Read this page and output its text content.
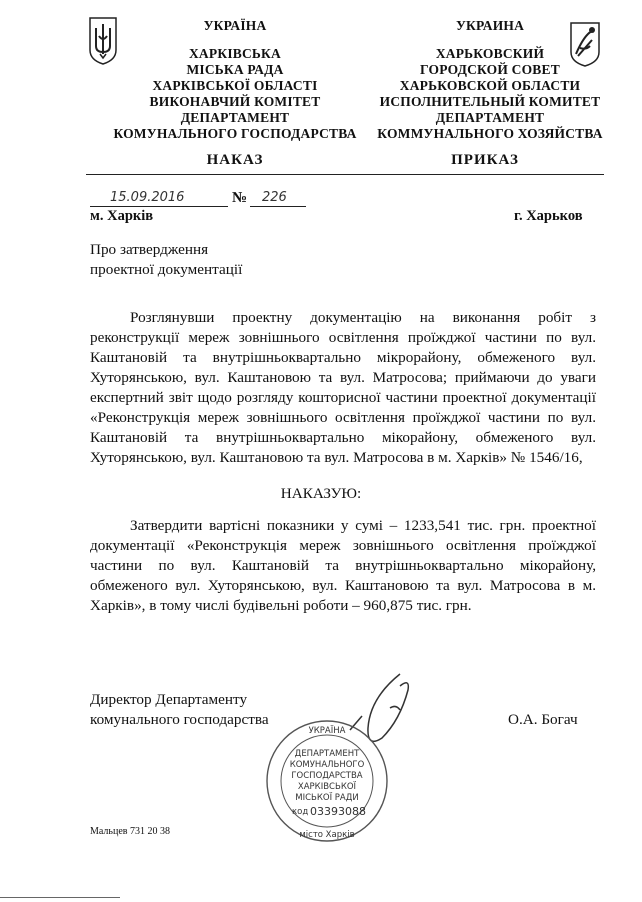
УКРАЇНА
ХАРКІВСЬКА
МІСЬКА РАДА
ХАРКІВСЬКОЇ ОБЛАСТІ
ВИКОНАВЧИЙ КОМІТЕТ
ДЕПАРТАМЕНТ
КОМУНАЛЬНОГО ГОСПОДАРСТВА
УКРАИНА
ХАРЬКОВСКИЙ
ГОРОДСКОЙ СОВЕТ
ХАРЬКОВСКОЙ ОБЛАСТИ
ИСПОЛНИТЕЛЬНЫЙ КОМИТЕТ
ДЕПАРТАМЕНТ
КОММУНАЛЬНОГО ХОЗЯЙСТВА
НАКАЗ	ПРИКАЗ
15.09.2016	№ 226
м. Харків	г. Харьков
Про затвердження
проектної документації
Розглянувши проектну документацію на виконання робіт з реконструкції мереж зовнішнього освітлення проїжджої частини по вул. Каштановій та внутрішньоквартально мікрорайону, обмеженого вул. Хуторянською, вул. Каштановою та вул. Матросова; приймаючи до уваги експертний звіт щодо розгляду кошторисної частини проектної документації «Реконструкція мереж зовнішнього освітлення проїжджої частини по вул. Каштановій та внутрішньоквартально мікорайону, обмеженого вул. Хуторянською, вул. Каштановою та вул. Матросова в м. Харків» № 1546/16,
НАКАЗУЮ:
Затвердити вартісні показники у сумі – 1233,541 тис. грн. проектної документації «Реконструкція мереж зовнішнього освітлення проїжджої частини по вул. Каштановій та внутрішньоквартально мікорайону, обмеженого вул. Хуторянською, вул. Каштановою та вул. Матросова в м. Харків», в тому числі будівельні роботи – 960,875 тис. грн.
Директор Департаменту
комунального господарства	О.А. Богач
УКРАЇНА
місто Харків
ДЕПАРТАМЕНТ
КОМУНАЛЬНОГО
ГОСПОДАРСТВА
ХАРКІВСЬКОЇ
МІСЬКОЇ РАДИ
код 03393088
Мальцев 731 20 38
